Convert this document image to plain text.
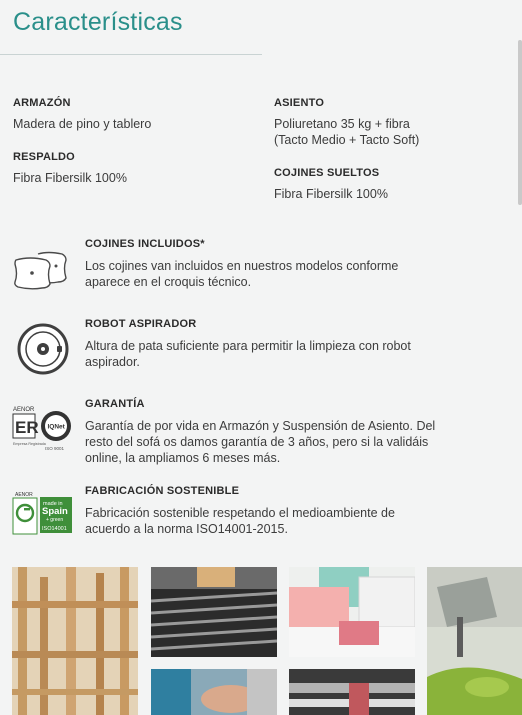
Características
ARMAZÓN
Madera de pino y tablero
RESPALDO
Fibra Fibersilk 100%
ASIENTO
Poliuretano 35 kg + fibra
(Tacto Medio + Tacto Soft)
COJINES SUELTOS
Fibra Fibersilk 100%
COJINES INCLUIDOS*
Los cojines van incluidos en nuestros modelos conforme
aparece en el croquis técnico.
ROBOT ASPIRADOR
Altura de pata suficiente para permitir la limpieza con robot
aspirador.
AENOR
ER IQNet
Empresa Registrada
ISO 9001
GARANTÍA
Garantía de por vida en Armazón y Suspensión de Asiento. Del
resto del sofá os damos garantía de 3 años, pero si la validáis
online, la ampliamos 6 meses más.
AENOR
made in
Spain
+ green
ISO14001
FABRICACIÓN SOSTENIBLE
Fabricación sostenible respetando el medioambiente de
acuerdo a la norma ISO14001-2015.
